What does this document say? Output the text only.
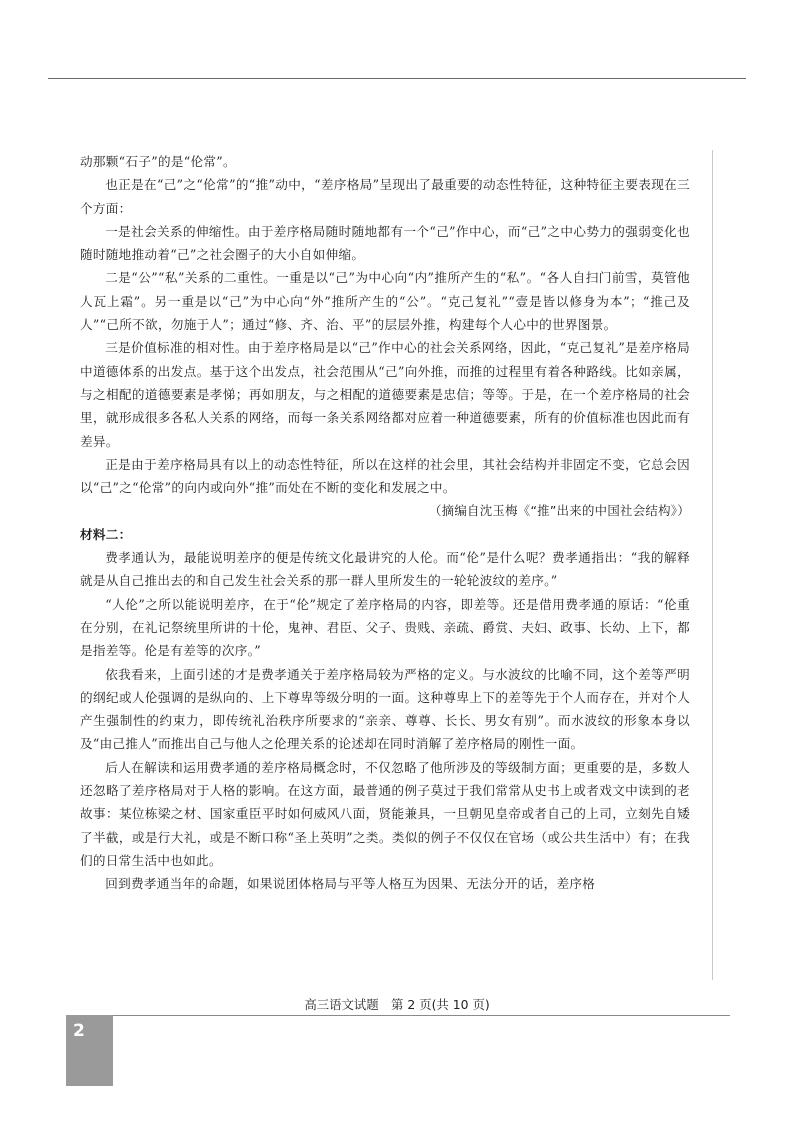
动那颗“石子”的是“伦常”。

也正是在“己”之“伦常”的“推”动中，“差序格局”呈现出了最重要的动态性特征，这种特征主要表现在三个方面：

一是社会关系的伸缩性。由于差序格局随时随地都有一个“己”作中心，而“己”之中心势力的强弱变化也随时随地推动着“己”之社会圈子的大小自如伸缩。

二是“公”“私”关系的二重性。一重是以“己”为中心向“内”推所产生的“私”。“各人自扫门前雪，莫管他人瓦上霜”。另一重是以“己”为中心向“外”推所产生的“公”。“克己复礼”“壹是皆以修身为本”；“推己及人”“己所不欲，勿施于人”；通过“修、齐、治、平”的层层外推，构建每个人心中的世界图景。

三是价值标准的相对性。由于差序格局是以“己”作中心的社会关系网络，因此，“克己复礼”是差序格局中道德体系的出发点。基于这个出发点，社会范围从“己”向外推，而推的过程里有着各种路线。比如亲属，与之相配的道德要素是孝悌；再如朋友，与之相配的道德要素是忠信；等等。于是，在一个差序格局的社会里，就形成很多各私人关系的网络，而每一条关系网络都对应着一种道德要素，所有的价值标准也因此而有差异。

正是由于差序格局具有以上的动态性特征，所以在这样的社会里，其社会结构并非固定不变，它总会因以“己”之“伦常”的向内或向外“推”而处在不断的变化和发展之中。

（摘编自沈玉梅《“推”出来的中国社会结构》）

材料二：

费孝通认为，最能说明差序的便是传统文化最讲究的人伦。而“伦”是什么呢？费孝通指出：“我的解释就是从自己推出去的和自己发生社会关系的那一群人里所发生的一轮轮波纹的差序。”

“人伦”之所以能说明差序，在于“伦”规定了差序格局的内容，即差等。还是借用费孝通的原话：“伦重在分别，在礼记祭统里所讲的十伦，鬼神、君臣、父子、贵贱、亲疏、爵赏、夫妇、政事、长幼、上下，都是指差等。伦是有差等的次序。”

依我看来，上面引述的才是费孝通关于差序格局较为严格的定义。与水波纹的比喻不同，这个差等严明的纲纪或人伦强调的是纵向的、上下尊卑等级分明的一面。这种尊卑上下的差等先于个人而存在，并对个人产生强制性的约束力，即传统礼治秩序所要求的“亲亲、尊尊、长长、男女有别”。而水波纹的形象本身以及“由己推人”而推出自己与他人之伦理关系的论述却在同时消解了差序格局的刚性一面。

后人在解读和运用费孝通的差序格局概念时，不仅忽略了他所涉及的等级制方面；更重要的是，多数人还忽略了差序格局对于人格的影响。在这方面，最普通的例子莫过于我们常常从史书上或者戏文中读到的老故事：某位栋梁之材、国家重臣平时如何威风八面，贤能兼具，一旦朝见皇帝或者自己的上司，立刻先自矮了半截，或是行大礼，或是不断口称“圣上英明”之类。类似的例子不仅仅在官场（或公共生活中）有；在我们的日常生活中也如此。

回到费孝通当年的命题，如果说团体格局与平等人格互为因果、无法分开的话，差序格

高三语文试题　第 2 页(共 10 页)
2
